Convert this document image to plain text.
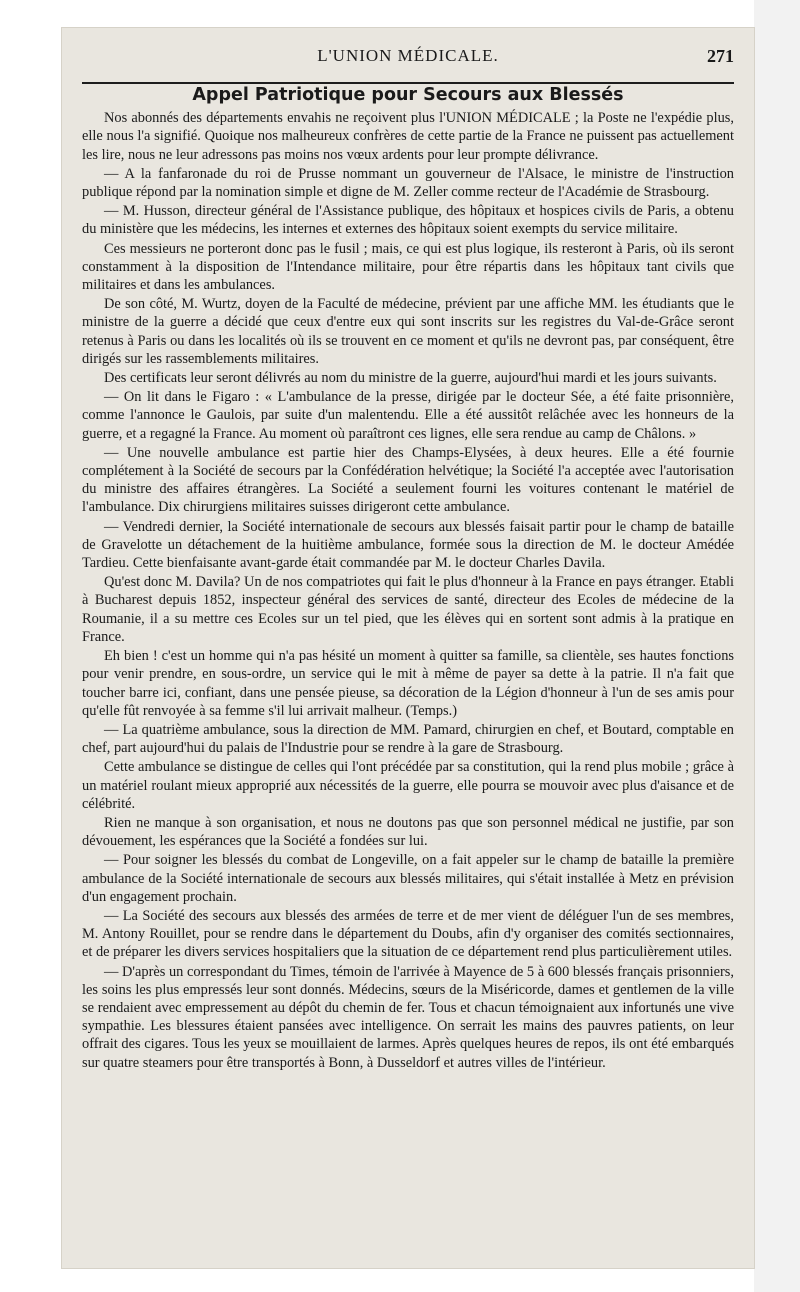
L'UNION MÉDICALE.	271
Appel Patriotique pour Secours aux Blessés

Nos abonnés des départements envahis ne reçoivent plus l'UNION MÉDICALE ; la Poste ne l'expédie plus, elle nous l'a signifié. Quoique nos malheureux confrères de cette partie de la France ne puissent pas actuellement les lire, nous ne leur adressons pas moins nos vœux ardents pour leur prompte délivrance.

— A la fanfaronade du roi de Prusse nommant un gouverneur de l'Alsace, le ministre de l'instruction publique répond par la nomination simple et digne de M. Zeller comme recteur de l'Académie de Strasbourg.

— M. Husson, directeur général de l'Assistance publique, des hôpitaux et hospices civils de Paris, a obtenu du ministère que les médecins, les internes et externes des hôpitaux soient exempts du service militaire.

Ces messieurs ne porteront donc pas le fusil ; mais, ce qui est plus logique, ils resteront à Paris, où ils seront constamment à la disposition de l'Intendance militaire, pour être répartis dans les hôpitaux tant civils que militaires et dans les ambulances.

De son côté, M. Wurtz, doyen de la Faculté de médecine, prévient par une affiche MM. les étudiants que le ministre de la guerre a décidé que ceux d'entre eux qui sont inscrits sur les registres du Val-de-Grâce seront retenus à Paris ou dans les localités où ils se trouvent en ce moment et qu'ils ne devront pas, par conséquent, être dirigés sur les rassemblements militaires.

Des certificats leur seront délivrés au nom du ministre de la guerre, aujourd'hui mardi et les jours suivants.

— On lit dans le Figaro : « L'ambulance de la presse, dirigée par le docteur Sée, a été faite prisonnière, comme l'annonce le Gaulois, par suite d'un malentendu. Elle a été aussitôt relâchée avec les honneurs de la guerre, et a regagné la France. Au moment où paraîtront ces lignes, elle sera rendue au camp de Châlons. »

— Une nouvelle ambulance est partie hier des Champs-Elysées, à deux heures. Elle a été fournie complétement à la Société de secours par la Confédération helvétique; la Société l'a acceptée avec l'autorisation du ministre des affaires étrangères. La Société a seulement fourni les voitures contenant le matériel de l'ambulance. Dix chirurgiens militaires suisses dirigeront cette ambulance.

— Vendredi dernier, la Société internationale de secours aux blessés faisait partir pour le champ de bataille de Gravelotte un détachement de la huitième ambulance, formée sous la direction de M. le docteur Amédée Tardieu. Cette bienfaisante avant-garde était commandée par M. le docteur Charles Davila.

Qu'est donc M. Davila? Un de nos compatriotes qui fait le plus d'honneur à la France en pays étranger. Etabli à Bucharest depuis 1852, inspecteur général des services de santé, directeur des Ecoles de médecine de la Roumanie, il a su mettre ces Ecoles sur un tel pied, que les élèves qui en sortent sont admis à la pratique en France.

Eh bien ! c'est un homme qui n'a pas hésité un moment à quitter sa famille, sa clientèle, ses hautes fonctions pour venir prendre, en sous-ordre, un service qui le mit à même de payer sa dette à la patrie. Il n'a fait que toucher barre ici, confiant, dans une pensée pieuse, sa décoration de la Légion d'honneur à l'un de ses amis pour qu'elle fût renvoyée à sa femme s'il lui arrivait malheur. (Temps.)

— La quatrième ambulance, sous la direction de MM. Pamard, chirurgien en chef, et Boutard, comptable en chef, part aujourd'hui du palais de l'Industrie pour se rendre à la gare de Strasbourg.

Cette ambulance se distingue de celles qui l'ont précédée par sa constitution, qui la rend plus mobile ; grâce à un matériel roulant mieux approprié aux nécessités de la guerre, elle pourra se mouvoir avec plus d'aisance et de célébrité.

Rien ne manque à son organisation, et nous ne doutons pas que son personnel médical ne justifie, par son dévouement, les espérances que la Société a fondées sur lui.

— Pour soigner les blessés du combat de Longeville, on a fait appeler sur le champ de bataille la première ambulance de la Société internationale de secours aux blessés militaires, qui s'était installée à Metz en prévision d'un engagement prochain.

— La Société des secours aux blessés des armées de terre et de mer vient de déléguer l'un de ses membres, M. Antony Rouillet, pour se rendre dans le département du Doubs, afin d'y organiser des comités sectionnaires, et de préparer les divers services hospitaliers que la situation de ce département rend plus particulièrement utiles.

— D'après un correspondant du Times, témoin de l'arrivée à Mayence de 5 à 600 blessés français prisonniers, les soins les plus empressés leur sont donnés. Médecins, sœurs de la Miséricorde, dames et gentlemen de la ville se rendaient avec empressement au dépôt du chemin de fer. Tous et chacun témoignaient aux infortunés une vive sympathie. Les blessures étaient pansées avec intelligence. On serrait les mains des pauvres patients, on leur offrait des cigares. Tous les yeux se mouillaient de larmes. Après quelques heures de repos, ils ont été embarqués sur quatre steamers pour être transportés à Bonn, à Dusseldorf et autres villes de l'intérieur.
